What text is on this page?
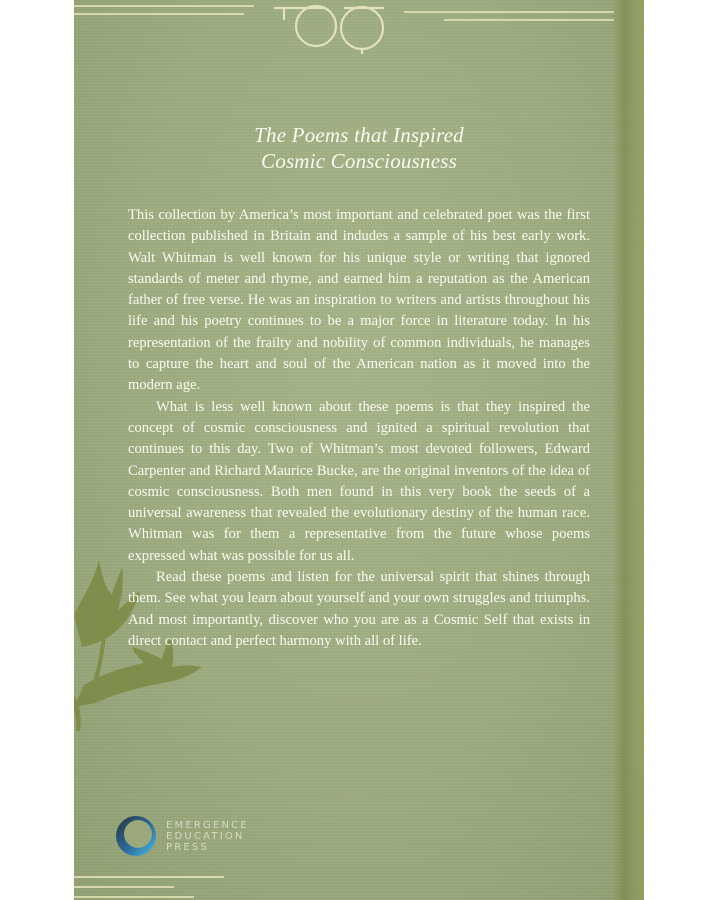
The Poems that Inspired
Cosmic Consciousness

This collection by America’s most important and celebrated poet was the first collection published in Britain and indudes a sample of his best early work. Walt Whitman is well known for his unique style or writing that ignored standards of meter and rhyme, and earned him a reputation as the American father of free verse. He was an inspiration to writers and artists throughout his life and his poetry continues to be a major force in literature today. In his representation of the frailty and nobility of common individuals, he manages to capture the heart and soul of the American nation as it moved into the modern age.

What is less well known about these poems is that they inspired the concept of cosmic consciousness and ignited a spiritual revolution that continues to this day. Two of Whitman’s most devoted followers, Edward Carpenter and Richard Maurice Bucke, are the original inventors of the idea of cosmic consciousness. Both men found in this very book the seeds of a universal awareness that revealed the evolutionary destiny of the human race. Whitman was for them a representative from the future whose poems expressed what was possible for us all.

Read these poems and listen for the universal spirit that shines through them. See what you learn about yourself and your own struggles and triumphs. And most importantly, discover who you are as a Cosmic Self that exists in direct contact and perfect harmony with all of life.

EMERGENCE
EDUCATION
PRESS
